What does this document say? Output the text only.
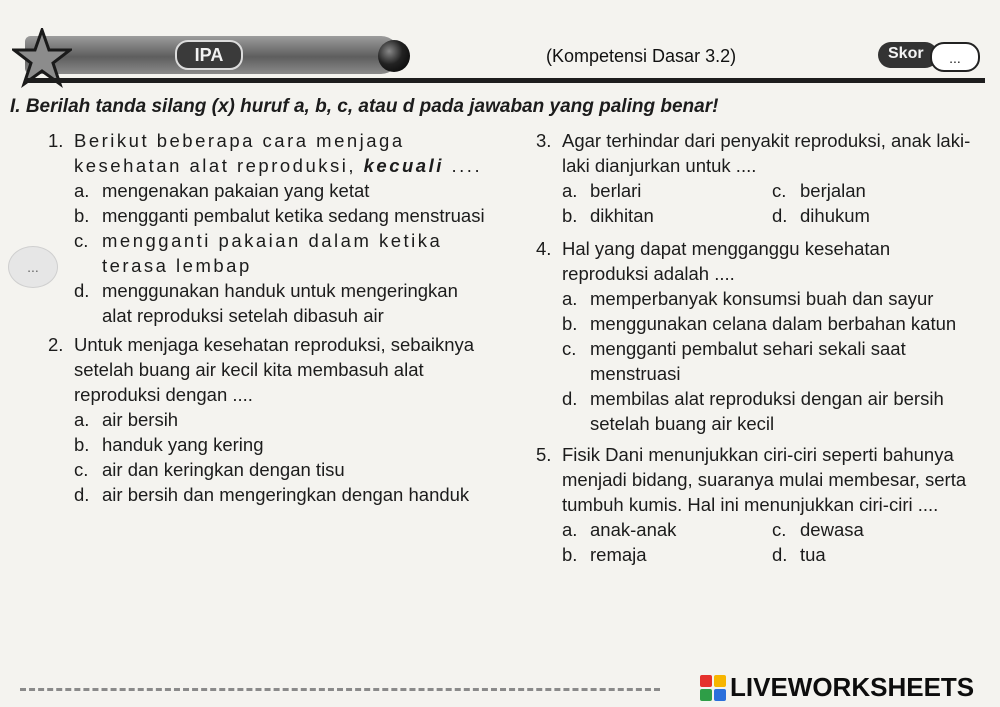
IPA	(Kompetensi Dasar 3.2)	Skor	...
I. Berilah tanda silang (x) huruf a, b, c, atau d pada jawaban yang paling benar!
...
1. Berikut beberapa cara menjaga kesehatan alat reproduksi, kecuali ....
a. mengenakan pakaian yang ketat
b. mengganti pembalut ketika sedang menstruasi
c. mengganti pakaian dalam ketika terasa lembap
d. menggunakan handuk untuk mengeringkan alat reproduksi setelah dibasuh air
2. Untuk menjaga kesehatan reproduksi, sebaiknya setelah buang air kecil kita membasuh alat reproduksi dengan ....
a. air bersih
b. handuk yang kering
c. air dan keringkan dengan tisu
d. air bersih dan mengeringkan dengan handuk
3. Agar terhindar dari penyakit reproduksi, anak laki-laki dianjurkan untuk ....
a. berlari	c. berjalan
b. dikhitan	d. dihukum
4. Hal yang dapat mengganggu kesehatan reproduksi adalah ....
a. memperbanyak konsumsi buah dan sayur
b. menggunakan celana dalam berbahan katun
c. mengganti pembalut sehari sekali saat menstruasi
d. membilas alat reproduksi dengan air bersih setelah buang air kecil
5. Fisik Dani menunjukkan ciri-ciri seperti bahunya menjadi bidang, suaranya mulai membesar, serta tumbuh kumis. Hal ini menunjukkan ciri-ciri ....
a. anak-anak	c. dewasa
b. remaja	d. tua
LIVEWORKSHEETS
